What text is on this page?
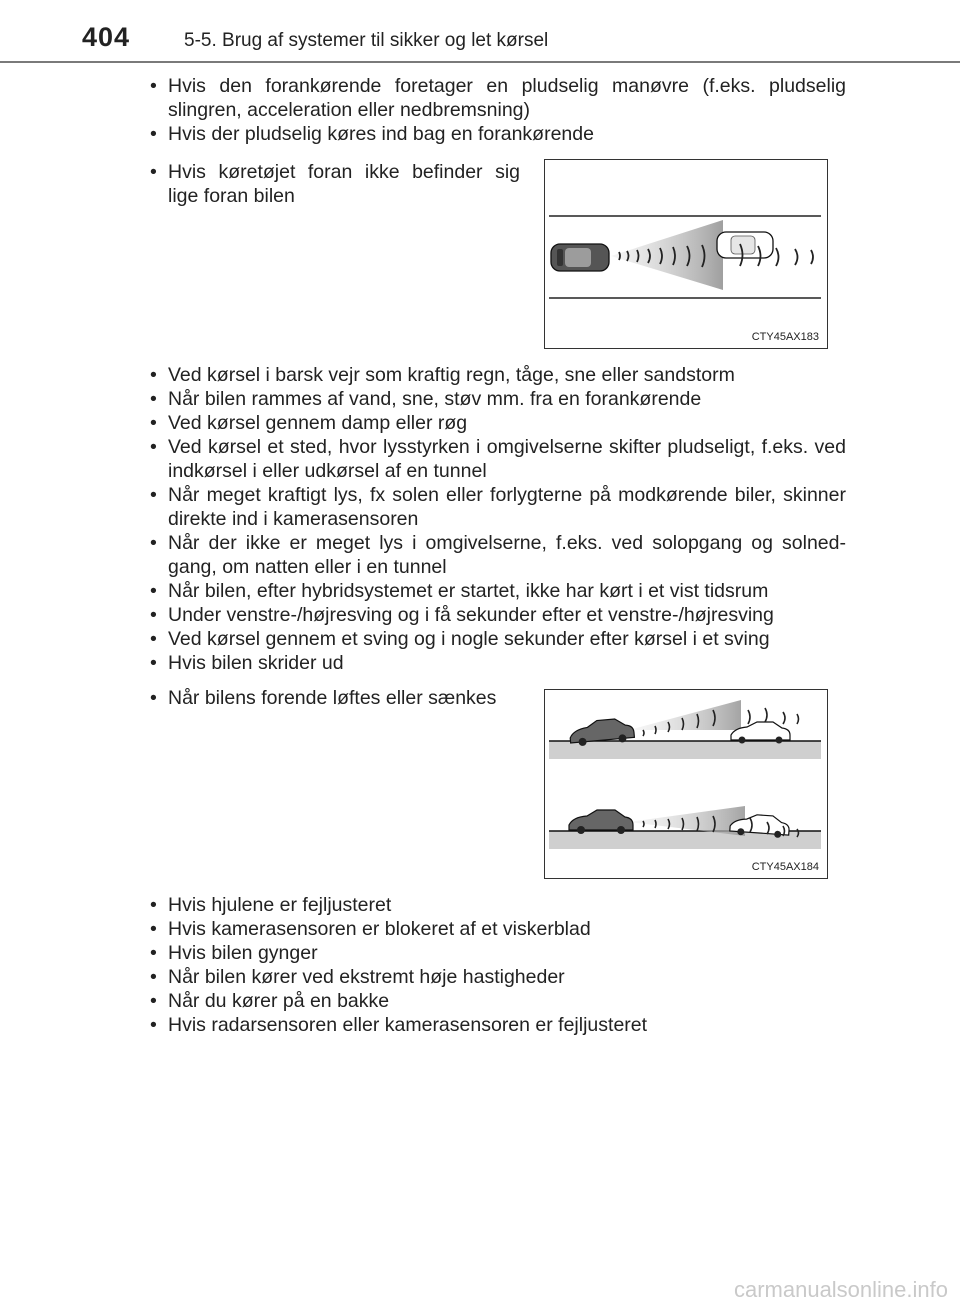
404	5-5. Brug af systemer til sikker og let kørsel
• Hvis den forankørende foretager en pludselig manøvre (f.eks. pludselig slingren, acceleration eller nedbremsning)
• Hvis der pludselig køres ind bag en forankørende
• Hvis køretøjet foran ikke befinder sig lige foran bilen
CTY45AX183
• Ved kørsel i barsk vejr som kraftig regn, tåge, sne eller sandstorm
• Når bilen rammes af vand, sne, støv mm. fra en forankørende
• Ved kørsel gennem damp eller røg
• Ved kørsel et sted, hvor lysstyrken i omgivelserne skifter pludseligt, f.eks. ved indkørsel i eller udkørsel af en tunnel
• Når meget kraftigt lys, fx solen eller forlygterne på modkørende biler, skinner direkte ind i kamerasensoren
• Når der ikke er meget lys i omgivelserne, f.eks. ved solopgang og solned- gang, om natten eller i en tunnel
• Når bilen, efter hybridsystemet er startet, ikke har kørt i et vist tidsrum
• Under venstre-/højresving og i få sekunder efter et venstre-/højresving
• Ved kørsel gennem et sving og i nogle sekunder efter kørsel i et sving
• Hvis bilen skrider ud
• Når bilens forende løftes eller sænkes
CTY45AX184
• Hvis hjulene er fejljusteret
• Hvis kamerasensoren er blokeret af et viskerblad
• Hvis bilen gynger
• Når bilen kører ved ekstremt høje hastigheder
• Når du kører på en bakke
• Hvis radarsensoren eller kamerasensoren er fejljusteret
carmanualsonline.info
